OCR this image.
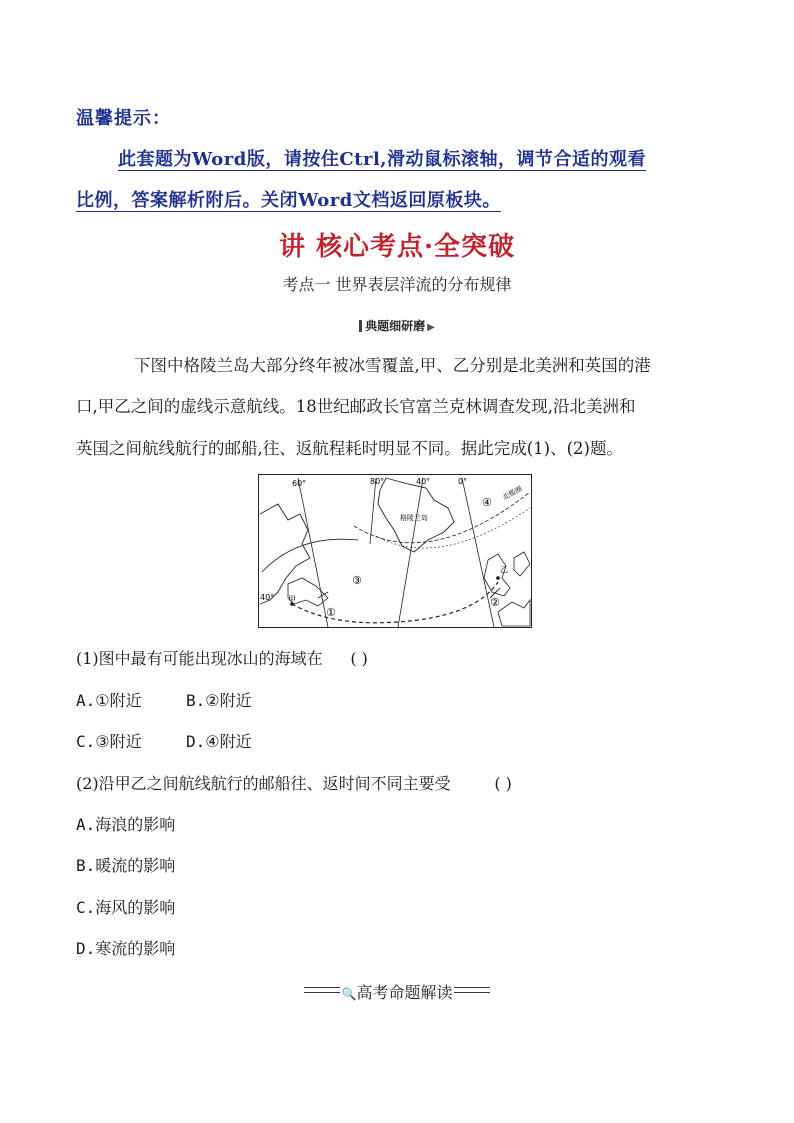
温馨提示：
此套题为Word版，请按住Ctrl,滑动鼠标滚轴，调节合适的观看
比例，答案解析附后。关闭Word文档返回原板块。
讲 核心考点·全突破
考点一 世界表层洋流的分布规律
典题细研磨 ▶
下图中格陵兰岛大部分终年被冰雪覆盖,甲、乙分别是北美洲和英国的港
口,甲乙之间的虚线示意航线。18世纪邮政长官富兰克林调查发现,沿北美洲和
英国之间航线航行的邮船,往、返航程耗时明显不同。据此完成(1)、(2)题。
60°	80°	40°	0°
40°
格陵兰岛
北极圈
甲
乙
①
②
③
④
(1)图中最有可能出现冰山的海域在 ( )
A.①附近	B.②附近
C.③附近	D.④附近
(2)沿甲乙之间航线航行的邮船往、返时间不同主要受	( )
A.海浪的影响
B.暖流的影响
C.海风的影响
D.寒流的影响
🔍高考命题解读
